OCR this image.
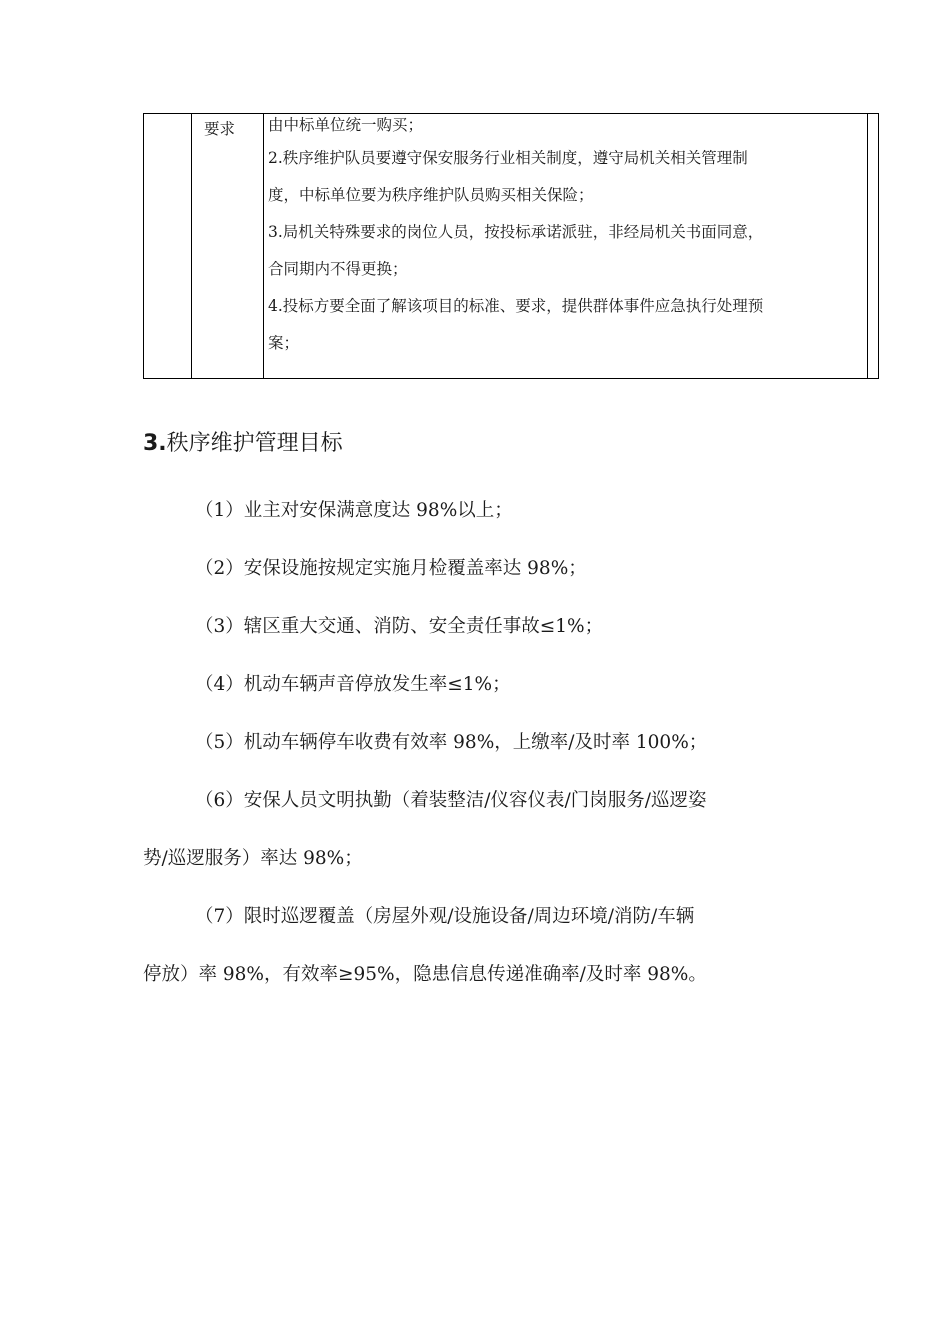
	要求	由中标单位统一购买；
2.秩序维护队员要遵守保安服务行业相关制度，遵守局机关相关管理制
度，中标单位要为秩序维护队员购买相关保险；
3.局机关特殊要求的岗位人员，按投标承诺派驻，非经局机关书面同意，
合同期内不得更换；
4.投标方要全面了解该项目的标准、要求，提供群体事件应急执行处理预
案；
3.秩序维护管理目标
（1）业主对安保满意度达 98%以上；
（2）安保设施按规定实施月检覆盖率达 98%；
（3）辖区重大交通、消防、安全责任事故≤1%；
（4）机动车辆声音停放发生率≤1%；
（5）机动车辆停车收费有效率 98%，上缴率/及时率 100%；
（6）安保人员文明执勤（着装整洁/仪容仪表/门岗服务/巡逻姿
势/巡逻服务）率达 98%；
（7）限时巡逻覆盖（房屋外观/设施设备/周边环境/消防/车辆
停放）率 98%，有效率≥95%，隐患信息传递准确率/及时率 98%。
